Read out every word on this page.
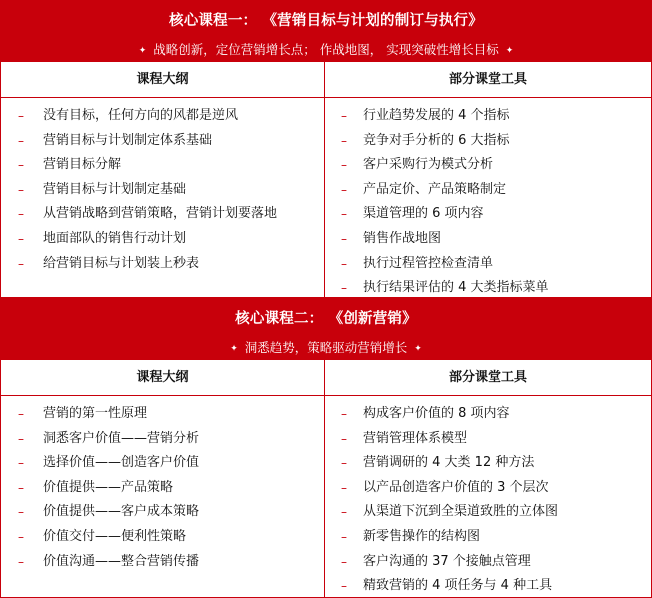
核心课程一： 《营销目标与计划的制订与执行》
✦ 战略创新，定位营销增长点； 作战地图， 实现突破性增长目标 ✦
课程大纲
– 没有目标，任何方向的风都是逆风
– 营销目标与计划制定体系基础
– 营销目标分解
– 营销目标与计划制定基础
– 从营销战略到营销策略，营销计划要落地
– 地面部队的销售行动计划
– 给营销目标与计划装上秒表
部分课堂工具
– 行业趋势发展的 4 个指标
– 竞争对手分析的 6 大指标
– 客户采购行为模式分析
– 产品定价、产品策略制定
– 渠道管理的 6 项内容
– 销售作战地图
– 执行过程管控检查清单
– 执行结果评估的 4 大类指标菜单
核心课程二： 《创新营销》
✦ 洞悉趋势，策略驱动营销增长 ✦
课程大纲
– 营销的第一性原理
– 洞悉客户价值——营销分析
– 选择价值——创造客户价值
– 价值提供——产品策略
– 价值提供——客户成本策略
– 价值交付——便利性策略
– 价值沟通——整合营销传播
部分课堂工具
– 构成客户价值的 8 项内容
– 营销管理体系模型
– 营销调研的 4 大类 12 种方法
– 以产品创造客户价值的 3 个层次
– 从渠道下沉到全渠道致胜的立体图
– 新零售操作的结构图
– 客户沟通的 37 个接触点管理
– 精致营销的 4 项任务与 4 种工具
